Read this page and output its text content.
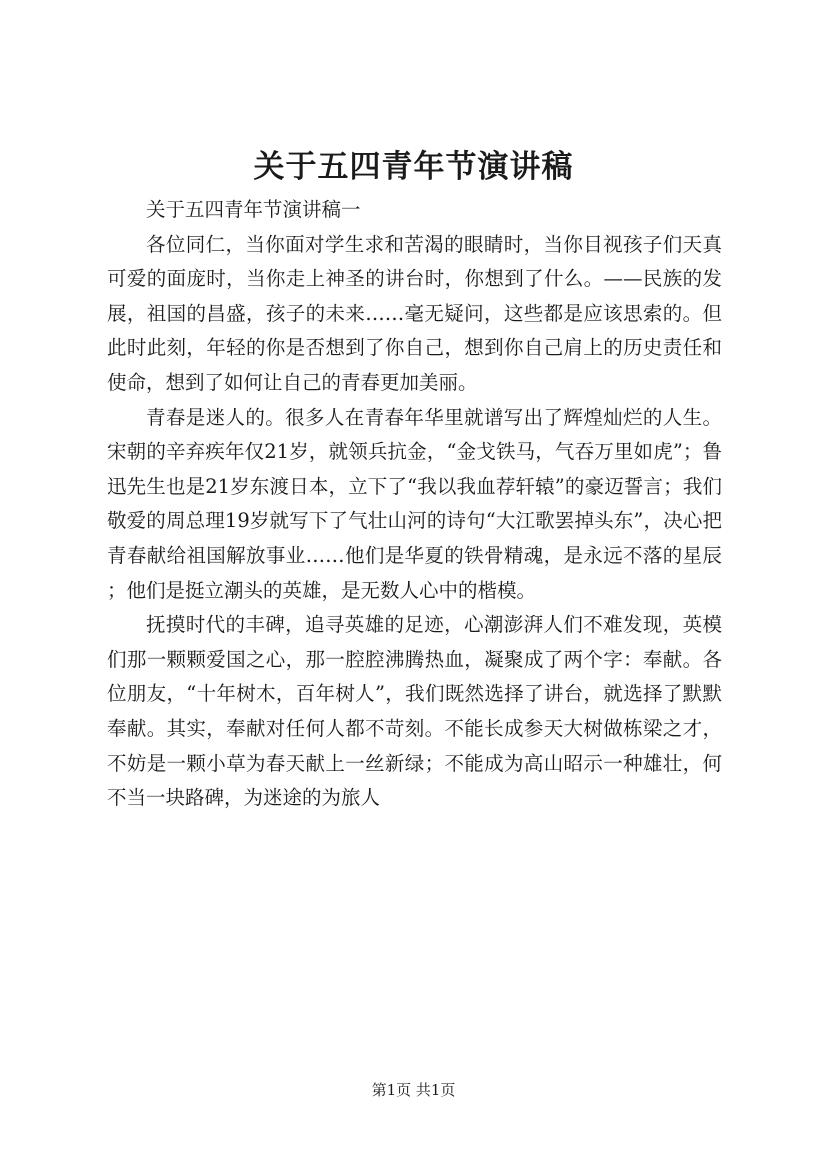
关于五四青年节演讲稿

关于五四青年节演讲稿一

各位同仁，当你面对学生求和苦渴的眼睛时，当你目视孩子们天真可爱的面庞时，当你走上神圣的讲台时，你想到了什么。——民族的发展，祖国的昌盛，孩子的未来……毫无疑问，这些都是应该思索的。但此时此刻，年轻的你是否想到了你自己，想到你自己肩上的历史责任和使命，想到了如何让自己的青春更加美丽。

青春是迷人的。很多人在青春年华里就谱写出了辉煌灿烂的人生。宋朝的辛弃疾年仅21岁，就领兵抗金，“金戈铁马，气吞万里如虎”；鲁迅先生也是21岁东渡日本，立下了“我以我血荐轩辕”的豪迈誓言；我们敬爱的周总理19岁就写下了气壮山河的诗句“大江歌罢掉头东”，决心把青春献给祖国解放事业……他们是华夏的铁骨精魂，是永远不落的星辰；他们是挺立潮头的英雄，是无数人心中的楷模。

抚摸时代的丰碑，追寻英雄的足迹，心潮澎湃人们不难发现，英模们那一颗颗爱国之心，那一腔腔沸腾热血，凝聚成了两个字：奉献。各位朋友，“十年树木，百年树人”，我们既然选择了讲台，就选择了默默奉献。其实，奉献对任何人都不苛刻。不能长成参天大树做栋梁之才，不妨是一颗小草为春天献上一丝新绿；不能成为高山昭示一种雄壮，何不当一块路碑，为迷途的为旅人

第1页 共1页
